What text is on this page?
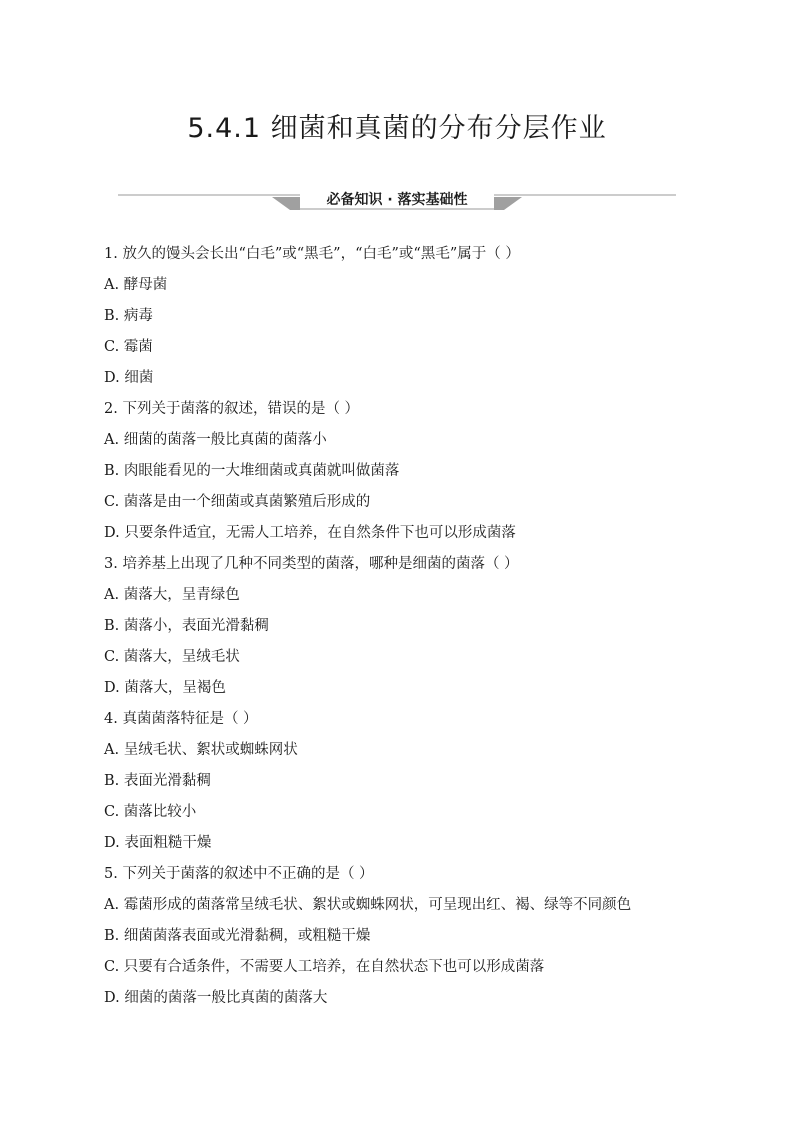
5.4.1 细菌和真菌的分布分层作业
必备知识 · 落实基础性
1. 放久的馒头会长出“白毛”或“黑毛”，“白毛”或“黑毛”属于（ ）
A. 酵母菌
B. 病毒
C. 霉菌
D. 细菌
2. 下列关于菌落的叙述，错误的是（ ）
A. 细菌的菌落一般比真菌的菌落小
B. 肉眼能看见的一大堆细菌或真菌就叫做菌落
C. 菌落是由一个细菌或真菌繁殖后形成的
D. 只要条件适宜，无需人工培养，在自然条件下也可以形成菌落
3. 培养基上出现了几种不同类型的菌落，哪种是细菌的菌落（ ）
A. 菌落大，呈青绿色
B. 菌落小，表面光滑黏稠
C. 菌落大，呈绒毛状
D. 菌落大，呈褐色
4. 真菌菌落特征是（ ）
A. 呈绒毛状、絮状或蜘蛛网状
B. 表面光滑黏稠
C. 菌落比较小
D. 表面粗糙干燥
5. 下列关于菌落的叙述中不正确的是（ ）
A. 霉菌形成的菌落常呈绒毛状、絮状或蜘蛛网状，可呈现出红、褐、绿等不同颜色
B. 细菌菌落表面或光滑黏稠，或粗糙干燥
C. 只要有合适条件，不需要人工培养，在自然状态下也可以形成菌落
D. 细菌的菌落一般比真菌的菌落大
